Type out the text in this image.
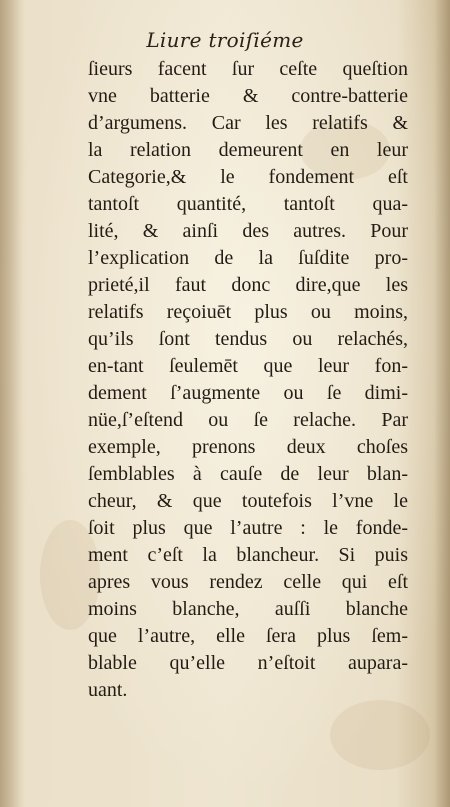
Liure troiſiéme
ſieurs facent ſur ceſte queſtion
vne batterie & contre-batterie
d’argumens. Car les relatifs &
la relation demeurent en leur
Categorie,& le fondement eſt
tantoſt quantité, tantoſt qua-
lité, & ainſi des autres. Pour
l’explication de la ſuſdite pro-
prieté,il faut donc dire,que les
relatifs reçoiuēt plus ou moins,
qu’ils ſont tendus ou relachés,
en-tant ſeulemēt que leur fon-
dement ſ’augmente ou ſe dimi-
nüe,ſ’eſtend ou ſe relache. Par
exemple, prenons deux choſes
ſemblables à cauſe de leur blan-
cheur, & que toutefois l’vne le
ſoit plus que l’autre : le fonde-
ment c’eſt la blancheur. Si puis
apres vous rendez celle qui eſt
moins blanche, auſſi blanche
que l’autre, elle ſera plus ſem-
blable qu’elle n’eſtoit aupara-
uant.
